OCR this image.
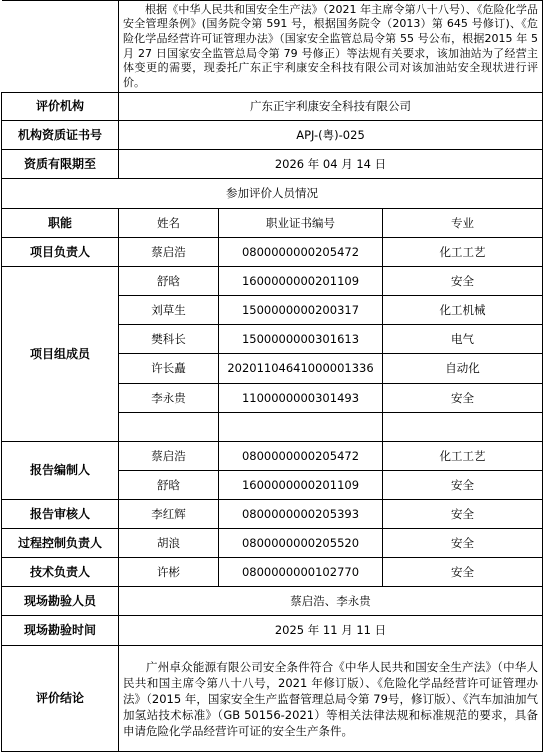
	根据《中华人民共和国安全生产法》（2021 年主席令第八十八号）、《危险化学品安全管理条例》(国务院令第 591 号，根据国务院令（2013）第 645 号修订)、《危险化学品经营许可证管理办法》（国家安全监管总局令第 55 号公布，根据2015 年 5 月 27 日国家安全监管总局令第 79 号修正）等法规有关要求，该加油站为了经营主体变更的需要，现委托广东正宇利康安全科技有限公司对该加油站安全现状进行评价。		

评价机构	广东正宇利康安全科技有限公司		
机构资质证书号	APJ-(粤)-025		
资质有限期至	2026 年 04 月 14 日		
参加评价人员情况			
职能	姓名	职业证书编号	专业
项目负责人	蔡启浩	0800000000205472	化工工艺
项目组成员	舒晗	1600000000201109	安全
	刘草生	1500000000200317	化工机械
	樊科长	1500000000301613	电气
	许长矗	20201104641000001336	自动化
	李永贵	1100000000301493	安全

报告编制人	蔡启浩	0800000000205472	化工工艺
	舒晗	1600000000201109	安全
报告审核人	李红辉	0800000000205393	安全
过程控制负责人	胡浪	0800000000205520	安全
技术负责人	许彬	0800000000102770	安全
现场勘验人员	蔡启浩、李永贵		
现场勘验时间	2025 年 11 月 11 日		
评价结论	广州卓众能源有限公司安全条件符合《中华人民共和国安全生产法》（中华人民共和国主席令第八十八号，2021 年修订版）、《危险化学品经营许可证管理办法》（2015 年，国家安全生产监督管理总局令第 79号，修订版）、《汽车加油加气加氢站技术标准》（GB 50156-2021）等相关法律法规和标准规范的要求，具备申请危险化学品经营许可证的安全生产条件。		
